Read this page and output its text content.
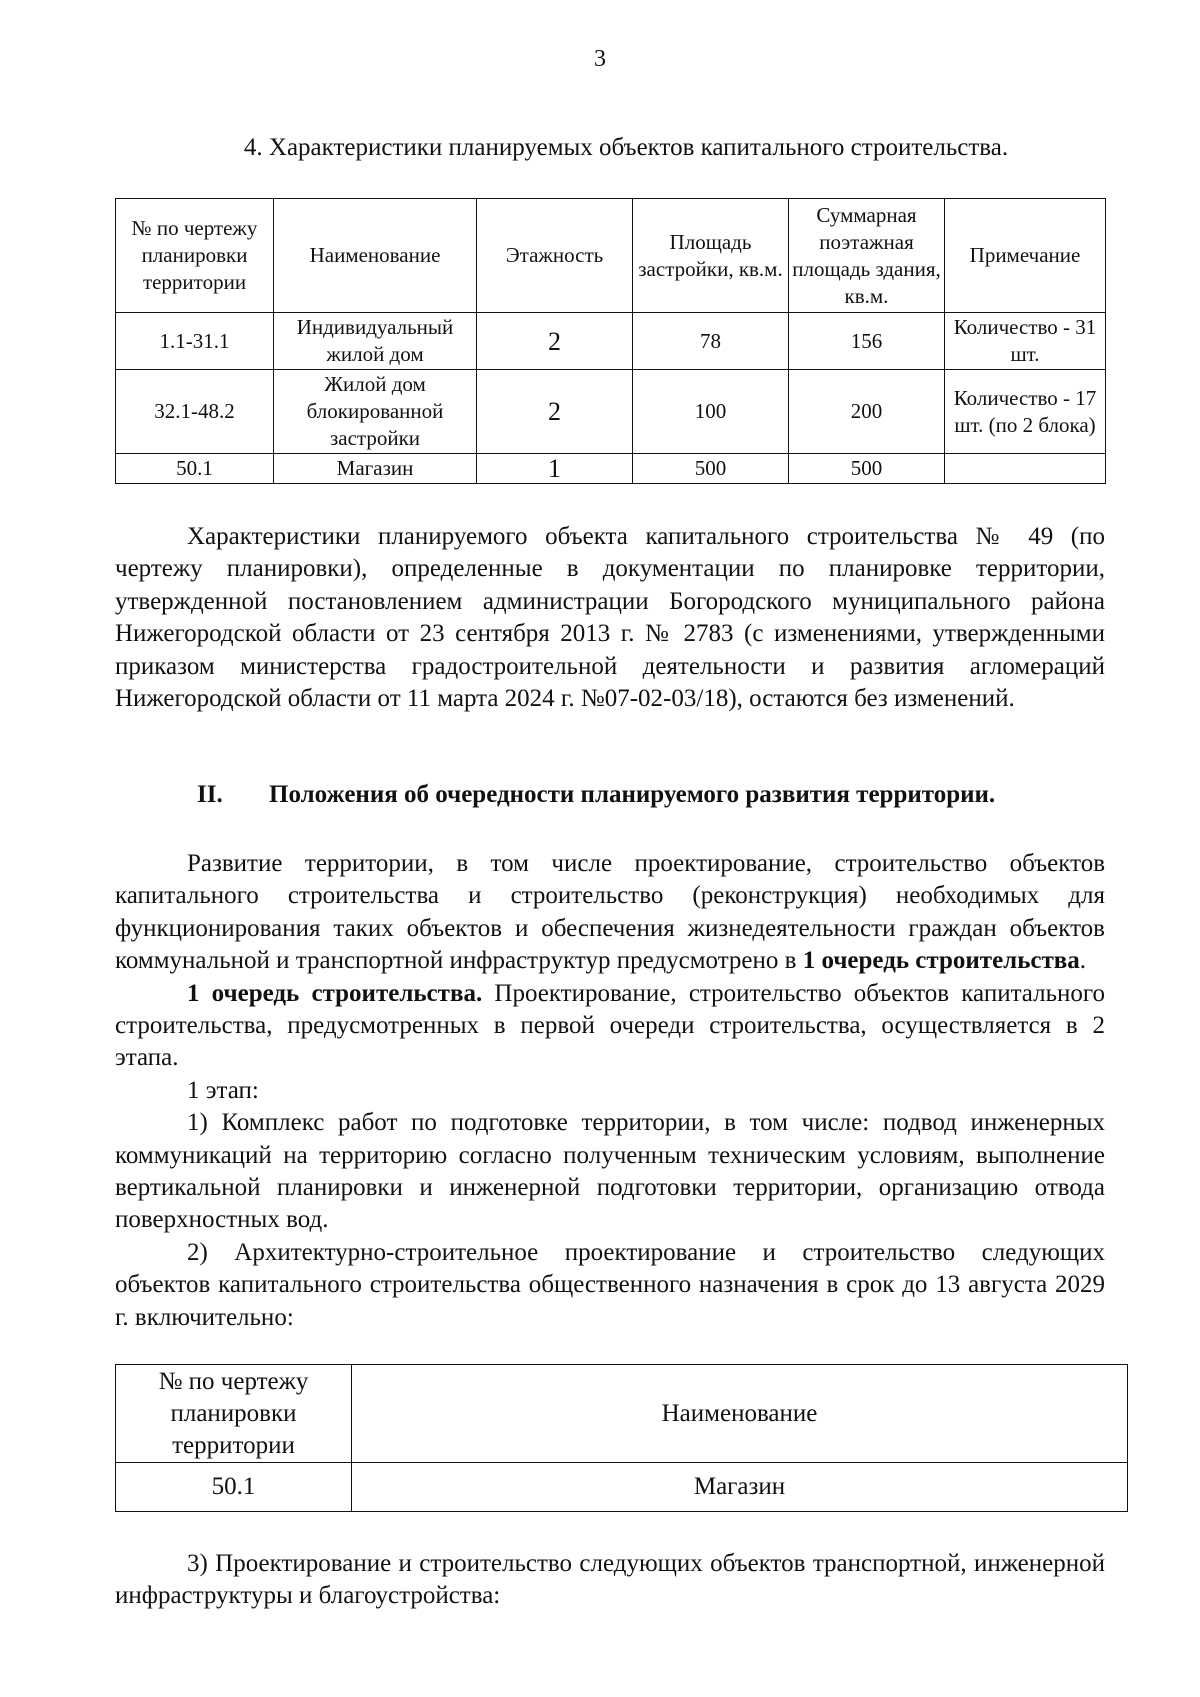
3
4. Характеристики планируемых объектов капитального строительства.
№ по чертежу планировки территории	Наименование	Этажность	Площадь застройки, кв.м.	Суммарная поэтажная площадь здания, кв.м.	Примечание
1.1-31.1	Индивидуальный жилой дом	2	78	156	Количество - 31 шт.
32.1-48.2	Жилой дом блокированной застройки	2	100	200	Количество - 17 шт. (по 2 блока)
50.1	Магазин	1	500	500	

Характеристики планируемого объекта капитального строительства № 49 (по чертежу планировки), определенные в документации по планировке территории, утвержденной постановлением администрации Богородского муниципального района Нижегородской области от 23 сентября 2013 г. № 2783 (с изменениями, утвержденными приказом министерства градостроительной деятельности и развития агломераций Нижегородской области от 11 марта 2024 г. №07-02-03/18), остаются без изменений.

II. Положения об очередности планируемого развития территории.

Развитие территории, в том числе проектирование, строительство объектов капитального строительства и строительство (реконструкция) необходимых для функционирования таких объектов и обеспечения жизнедеятельности граждан объектов коммунальной и транспортной инфраструктур предусмотрено в 1 очередь строительства.

1 очередь строительства. Проектирование, строительство объектов капитального строительства, предусмотренных в первой очереди строительства, осуществляется в 2 этапа.

1 этап:

1) Комплекс работ по подготовке территории, в том числе: подвод инженерных коммуникаций на территорию согласно полученным техническим условиям, выполнение вертикальной планировки и инженерной подготовки территории, организацию отвода поверхностных вод.

2) Архитектурно-строительное проектирование и строительство следующих объектов капитального строительства общественного назначения в срок до 13 августа 2029 г. включительно:

№ по чертежу планировки территории	Наименование
50.1	Магазин

3) Проектирование и строительство следующих объектов транспортной, инженерной инфраструктуры и благоустройства:
